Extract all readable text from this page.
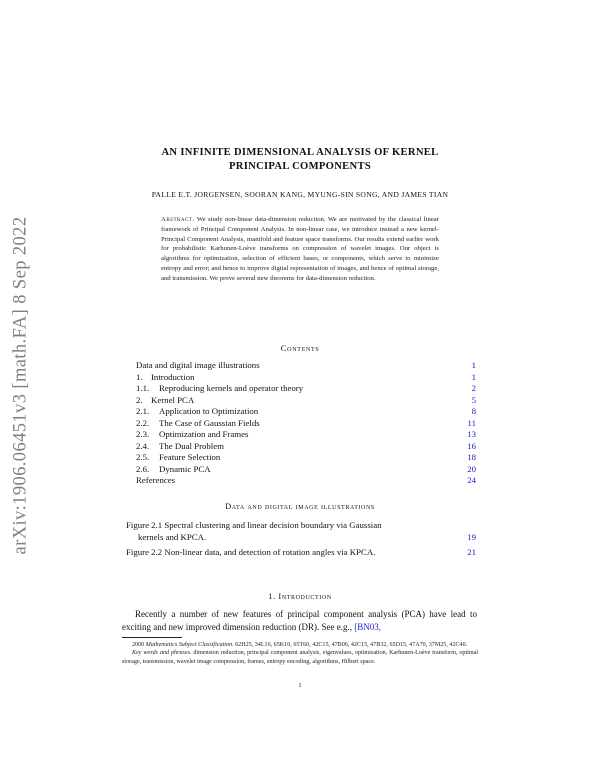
arXiv:1906.06451v3 [math.FA] 8 Sep 2022
AN INFINITE DIMENSIONAL ANALYSIS OF KERNEL
PRINCIPAL COMPONENTS
PALLE E.T. JORGENSEN, SOORAN KANG, MYUNG-SIN SONG, AND JAMES TIAN
Abstract. We study non-linear data-dimension reduction. We are motivated by the classical linear framework of Principal Component Analysis. In non-linear case, we introduce instead a new kernel-Principal Component Analysis, manifold and feature space transforms. Our results extend earlier work for probabilistic Karhunen-Loève transforms on compression of wavelet images. Our object is algorithms for optimization, selection of efficient bases, or components, which serve to minimize entropy and error; and hence to improve digital representation of images, and hence of optimal storage, and transmission. We prove several new theorems for data-dimension reduction.
Contents
Data and digital image illustrations	1
1. Introduction	1
1.1. Reproducing kernels and operator theory	2
2. Kernel PCA	5
2.1. Application to Optimization	8
2.2. The Case of Gaussian Fields	11
2.3. Optimization and Frames	13
2.4. The Dual Problem	16
2.5. Feature Selection	18
2.6. Dynamic PCA	20
References	24
Data and digital image illustrations
Figure 2.1 Spectral clustering and linear decision boundary via Gaussian
kernels and KPCA.	19
Figure 2.2 Non-linear data, and detection of rotation angles via KPCA.	21
1. Introduction

Recently a number of new features of principal component analysis (PCA) have lead to exciting and new improved dimension reduction (DR). See e.g., [BN03,

2000 Mathematics Subject Classification. 62H25, 34L16, 65K10, 65T60, 42C15, 47B06, 42C15, 47B32, 65D15, 47A70, 37M25, 42C40.

Key words and phrases. dimension reduction, principal component analysis, eigenvalues, optimization, Karhunen-Loève transform, optimal storage, transmission, wavelet image compression, frames, entropy encoding, algorithms, Hilbert space.

1
